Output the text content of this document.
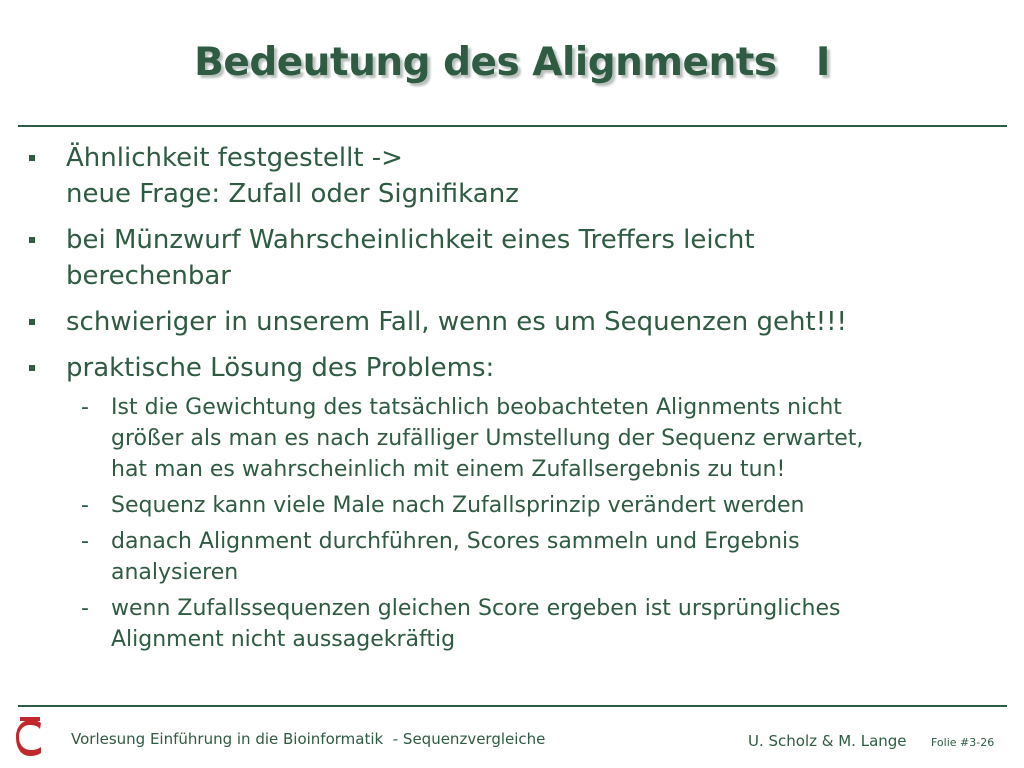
Bedeutung des Alignments   I
Ähnlichkeit festgestellt ->
neue Frage: Zufall oder Signifikanz
bei Münzwurf Wahrscheinlichkeit eines Treffers leicht
berechenbar
schwieriger in unserem Fall, wenn es um Sequenzen geht!!!
praktische Lösung des Problems:
- Ist die Gewichtung des tatsächlich beobachteten Alignments nicht
größer als man es nach zufälliger Umstellung der Sequenz erwartet,
hat man es wahrscheinlich mit einem Zufallsergebnis zu tun!
- Sequenz kann viele Male nach Zufallsprinzip verändert werden
- danach Alignment durchführen, Scores sammeln und Ergebnis
analysieren
- wenn Zufallssequenzen gleichen Score ergeben ist ursprüngliches
Alignment nicht aussagekräftig
Vorlesung Einführung in die Bioinformatik  - Sequenzvergleiche	U. Scholz & M. Lange Folie #3-26
